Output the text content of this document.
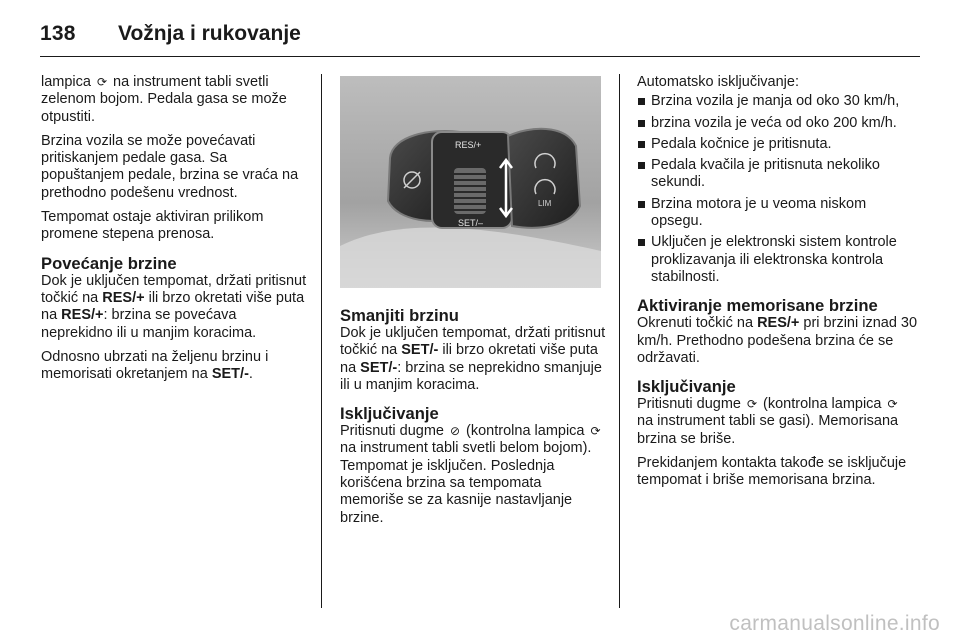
138 Vožnja i rukovanje

lampica ⟳ na instrument tabli svetli zelenom bojom. Pedala gasa se može otpustiti.

Brzina vozila se može povećavati pritiskanjem pedale gasa. Sa popuštanjem pedale, brzina se vraća na prethodno podešenu vrednost.

Tempomat ostaje aktiviran prilikom promene stepena prenosa.

Povećanje brzine

Dok je uključen tempomat, držati pritisnut točkić na RES/+ ili brzo okretati više puta na RES/+: brzina se povećava neprekidno ili u manjim koracima.

Odnosno ubrzati na željenu brzinu i memorisati okretanjem na SET/-.

RES/+
SET/–
LIM
Smanjiti brzinu

Dok je uključen tempomat, držati pritisnut točkić na SET/- ili brzo okretati više puta na SET/-: brzina se neprekidno smanjuje ili u manjim koracima.

Isključivanje

Pritisnuti dugme ⊘ (kontrolna lampica ⟳ na instrument tabli svetli belom bojom). Tempomat je isključen. Poslednja korišćena brzina sa tempomata memoriše se za kasnije nastavljanje brzine.

Automatsko isključivanje:

Brzina vozila je manja od oko 30 km/h,
brzina vozila je veća od oko 200 km/h.
Pedala kočnice je pritisnuta.
Pedala kvačila je pritisnuta nekoliko sekundi.
Brzina motora je u veoma niskom opsegu.
Uključen je elektronski sistem kontrole proklizavanja ili elektronska kontrola stabilnosti.
Aktiviranje memorisane brzine

Okrenuti točkić na RES/+ pri brzini iznad 30 km/h. Prethodno podešena brzina će se održavati.

Isključivanje

Pritisnuti dugme ⟳ (kontrolna lampica ⟳ na instrument tabli se gasi). Memorisana brzina se briše.

Prekidanjem kontakta takođe se isključuje tempomat i briše memorisana brzina.

carmanualsonline.info
